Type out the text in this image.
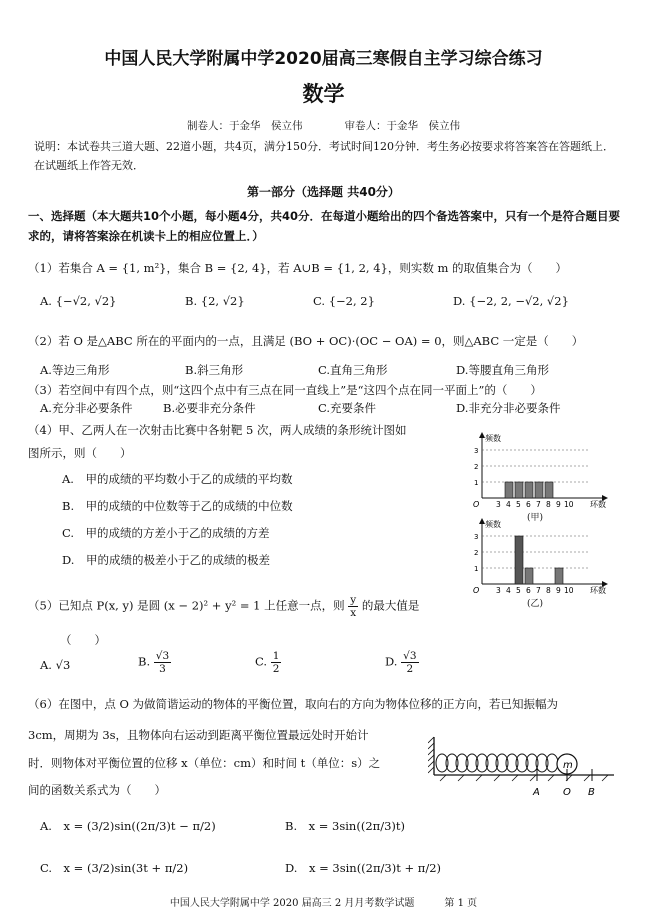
中国人民大学附属中学2020届高三寒假自主学习综合练习
数学
制卷人：于金华　侯立伟　　　　审卷人：于金华　侯立伟
说明：本试卷共三道大题、22道小题，共4页，满分150分．考试时间120分钟．考生务必按要求将答案答在答题纸上．在试题纸上作答无效．
第一部分（选择题 共40分）
一、选择题（本大题共10个小题，每小题4分，共40分．在每道小题给出的四个备选答案中，只有一个是符合题目要求的，请将答案涂在机读卡上的相应位置上．）
（1）若集合 A = {1, m²}，集合 B = {2, 4}，若 A∪B = {1, 2, 4}，则实数 m 的取值集合为（　　）
A. {−√2, √2}	B. {2, √2}	C. {−2, 2}	D. {−2, 2, −√2, √2}
（2）若 O 是△ABC 所在的平面内的一点，且满足 (BO + OC)·(OC − OA) = 0，则△ABC 一定是（　　）
A.等边三角形	B.斜三角形	C.直角三角形	D.等腰直角三角形
（3）若空间中有四个点，则“这四个点中有三点在同一直线上”是“这四个点在同一平面上”的（　　）
A.充分非必要条件	B.必要非充分条件	C.充要条件	D.非充分非必要条件
（4）甲、乙两人在一次射击比赛中各射靶 5 次，两人成绩的条形统计图如
图所示，则（　　）
A.　甲的成绩的平均数小于乙的成绩的平均数
B.　甲的成绩的中位数等于乙的成绩的中位数
C.　甲的成绩的方差小于乙的成绩的方差
D.　甲的成绩的极差小于乙的成绩的极差
1
2
3
3 4 5 6 7 8 9 10
O
频数
环数
1
2
3
3 4 5 6 7 8 9 10
O
频数
环数
(甲)
(乙)
（5）已知点 P(x, y) 是圆 (x − 2)² + y² = 1 上任意一点，则 $\frac{y}{x}$ 的最大值是
（　　）
A. √3	B. $\frac{√3}{3}$	C. $\frac{1}{2}$	D. $\frac{√3}{2}$
（6）在图中，点 O 为做简谐运动的物体的平衡位置，取向右的方向为物体位移的正方向，若已知振幅为
3cm，周期为 3s，且物体向右运动到距离平衡位置最远处时开始计
时．则物体对平衡位置的位移 x（单位：cm）和时间 t（单位：s）之
间的函数关系式为（　　）
A.　x = (3/2)sin((2π/3)t − π/2)	B.　x = 3sin((2π/3)t)
C.　x = (3/2)sin(3t + π/2)	D.　x = 3sin((2π/3)t + π/2)
m
A O B
中国人民大学附属中学 2020 届高三 2 月月考数学试题　　　第 1 页
